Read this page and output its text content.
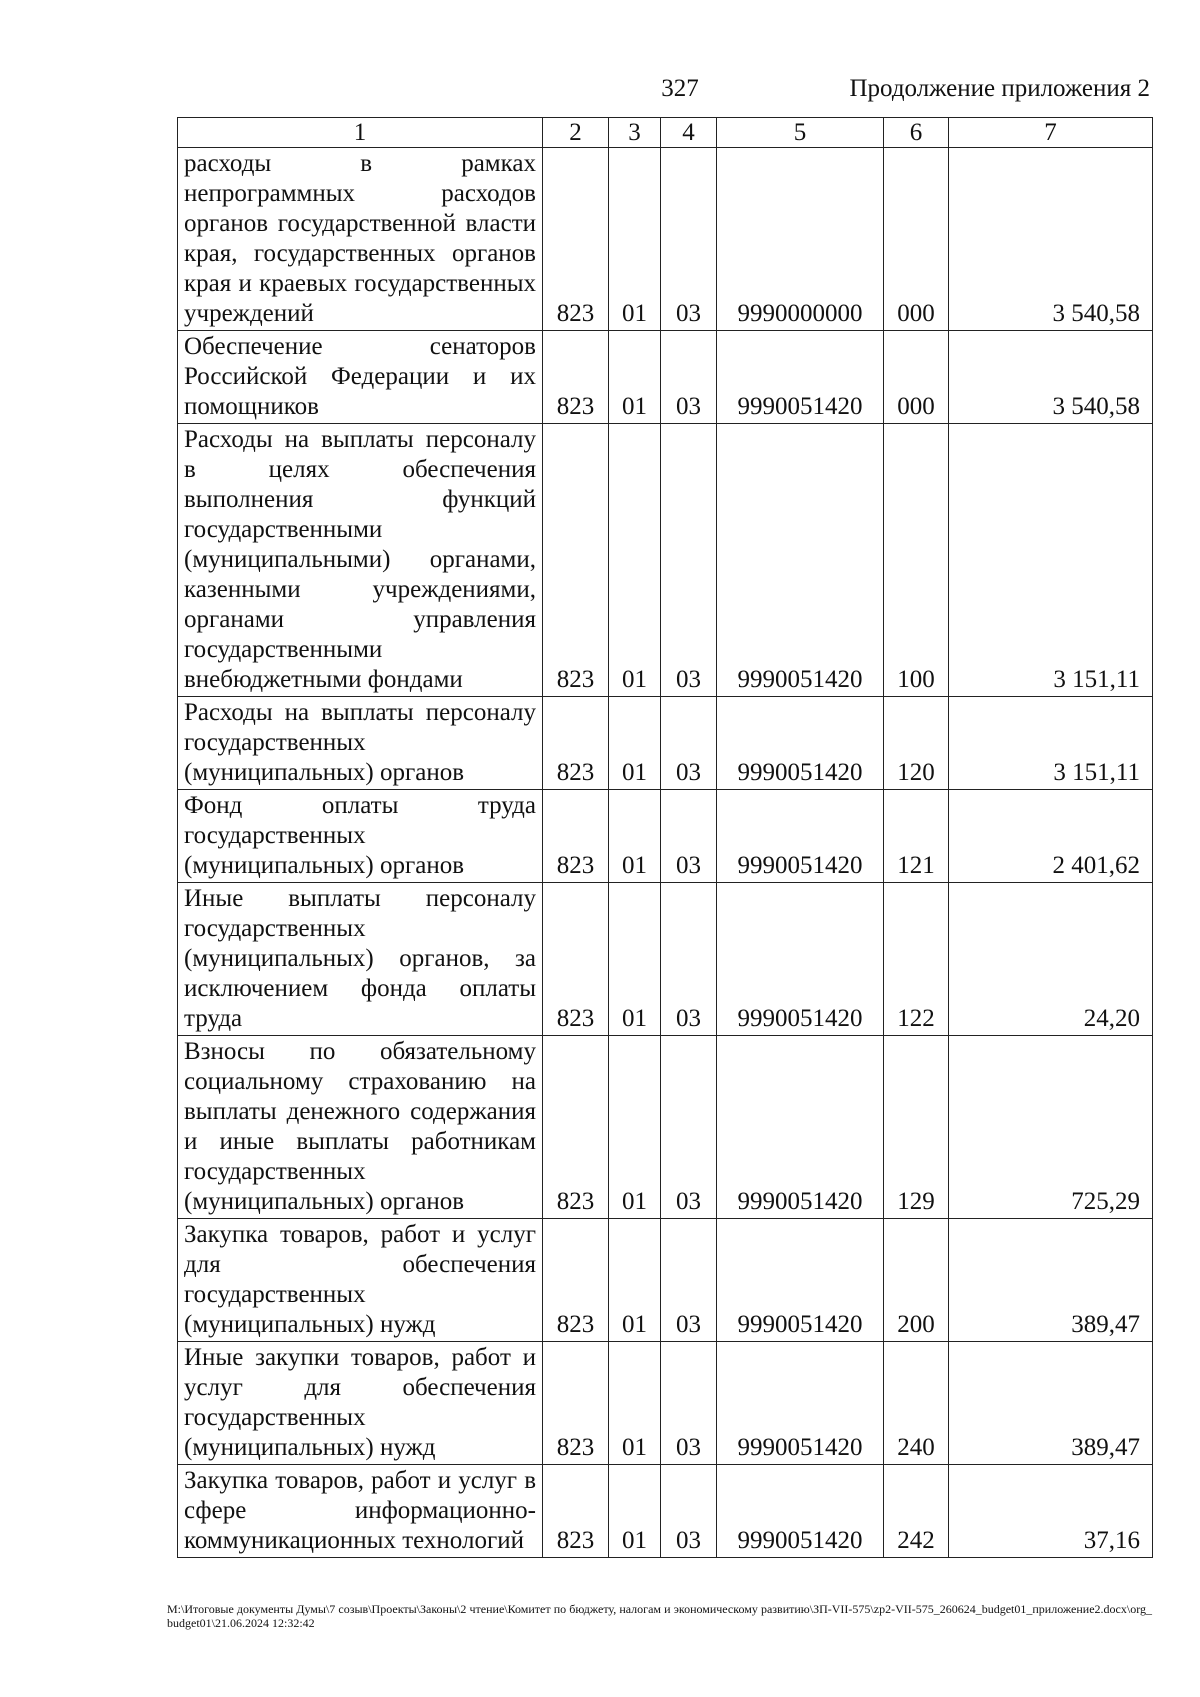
327	Продолжение приложения 2
1	2	3	4	5	6	7
расходы в рамках непрограммных расходов органов государственной власти края, государственных органов края и краевых государственных учреждений	823	01	03	9990000000	000	3 540,58
Обеспечение сенаторов Российской Федерации и их помощников	823	01	03	9990051420	000	3 540,58
Расходы на выплаты персоналу в целях обеспечения выполнения функций государственными (муниципальными) органами, казенными учреждениями, органами управления государственными внебюджетными фондами	823	01	03	9990051420	100	3 151,11
Расходы на выплаты персоналу государственных (муниципальных) органов	823	01	03	9990051420	120	3 151,11
Фонд оплаты труда государственных (муниципальных) органов	823	01	03	9990051420	121	2 401,62
Иные выплаты персоналу государственных (муниципальных) органов, за исключением фонда оплаты труда	823	01	03	9990051420	122	24,20
Взносы по обязательному социальному страхованию на выплаты денежного содержания и иные выплаты работникам государственных (муниципальных) органов	823	01	03	9990051420	129	725,29
Закупка товаров, работ и услуг для обеспечения государственных (муниципальных) нужд	823	01	03	9990051420	200	389,47
Иные закупки товаров, работ и услуг для обеспечения государственных (муниципальных) нужд	823	01	03	9990051420	240	389,47
Закупка товаров, работ и услуг в сфере информационно-коммуникационных технологий	823	01	03	9990051420	242	37,16
M:\Итоговые документы Думы\7 созыв\Проекты\Законы\2 чтение\Комитет по бюджету, налогам и экономическому развитию\ЗП-VII-575\zp2-VII-575_260624_budget01_приложение2.docx\org_budget01\21.06.2024 12:32:42
